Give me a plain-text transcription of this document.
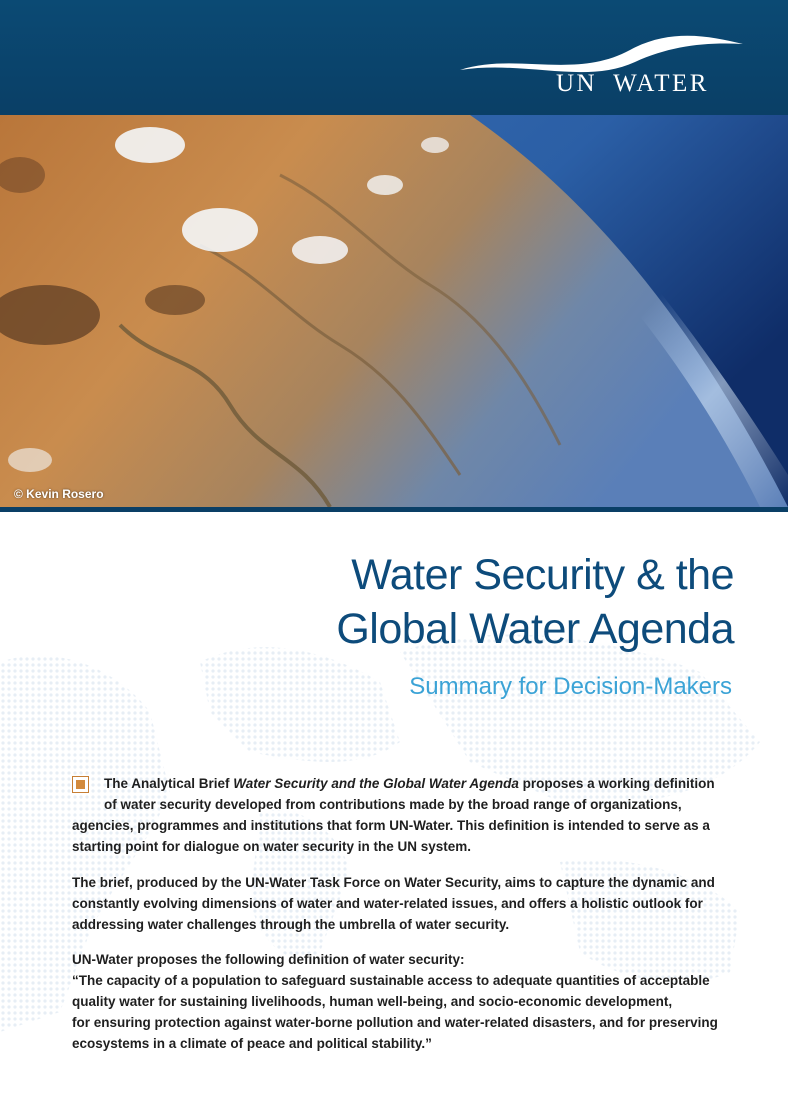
UN WATER
© Kevin Rosero
Water Security & the
Global Water Agenda
Summary for Decision-Makers

The Analytical Brief Water Security and the Global Water Agenda proposes a working definition
of water security developed from contributions made by the broad range of organizations,
agencies, programmes and institutions that form UN-Water. This definition is intended to serve as a
starting point for dialogue on water security in the UN system.

The brief, produced by the UN-Water Task Force on Water Security, aims to capture the dynamic and
constantly evolving dimensions of water and water-related issues, and offers a holistic outlook for
addressing water challenges through the umbrella of water security.

UN-Water proposes the following definition of water security:
“The capacity of a population to safeguard sustainable access to adequate quantities of acceptable
quality water for sustaining livelihoods, human well-being, and socio-economic development,
for ensuring protection against water-borne pollution and water-related disasters, and for preserving
ecosystems in a climate of peace and political stability.”
